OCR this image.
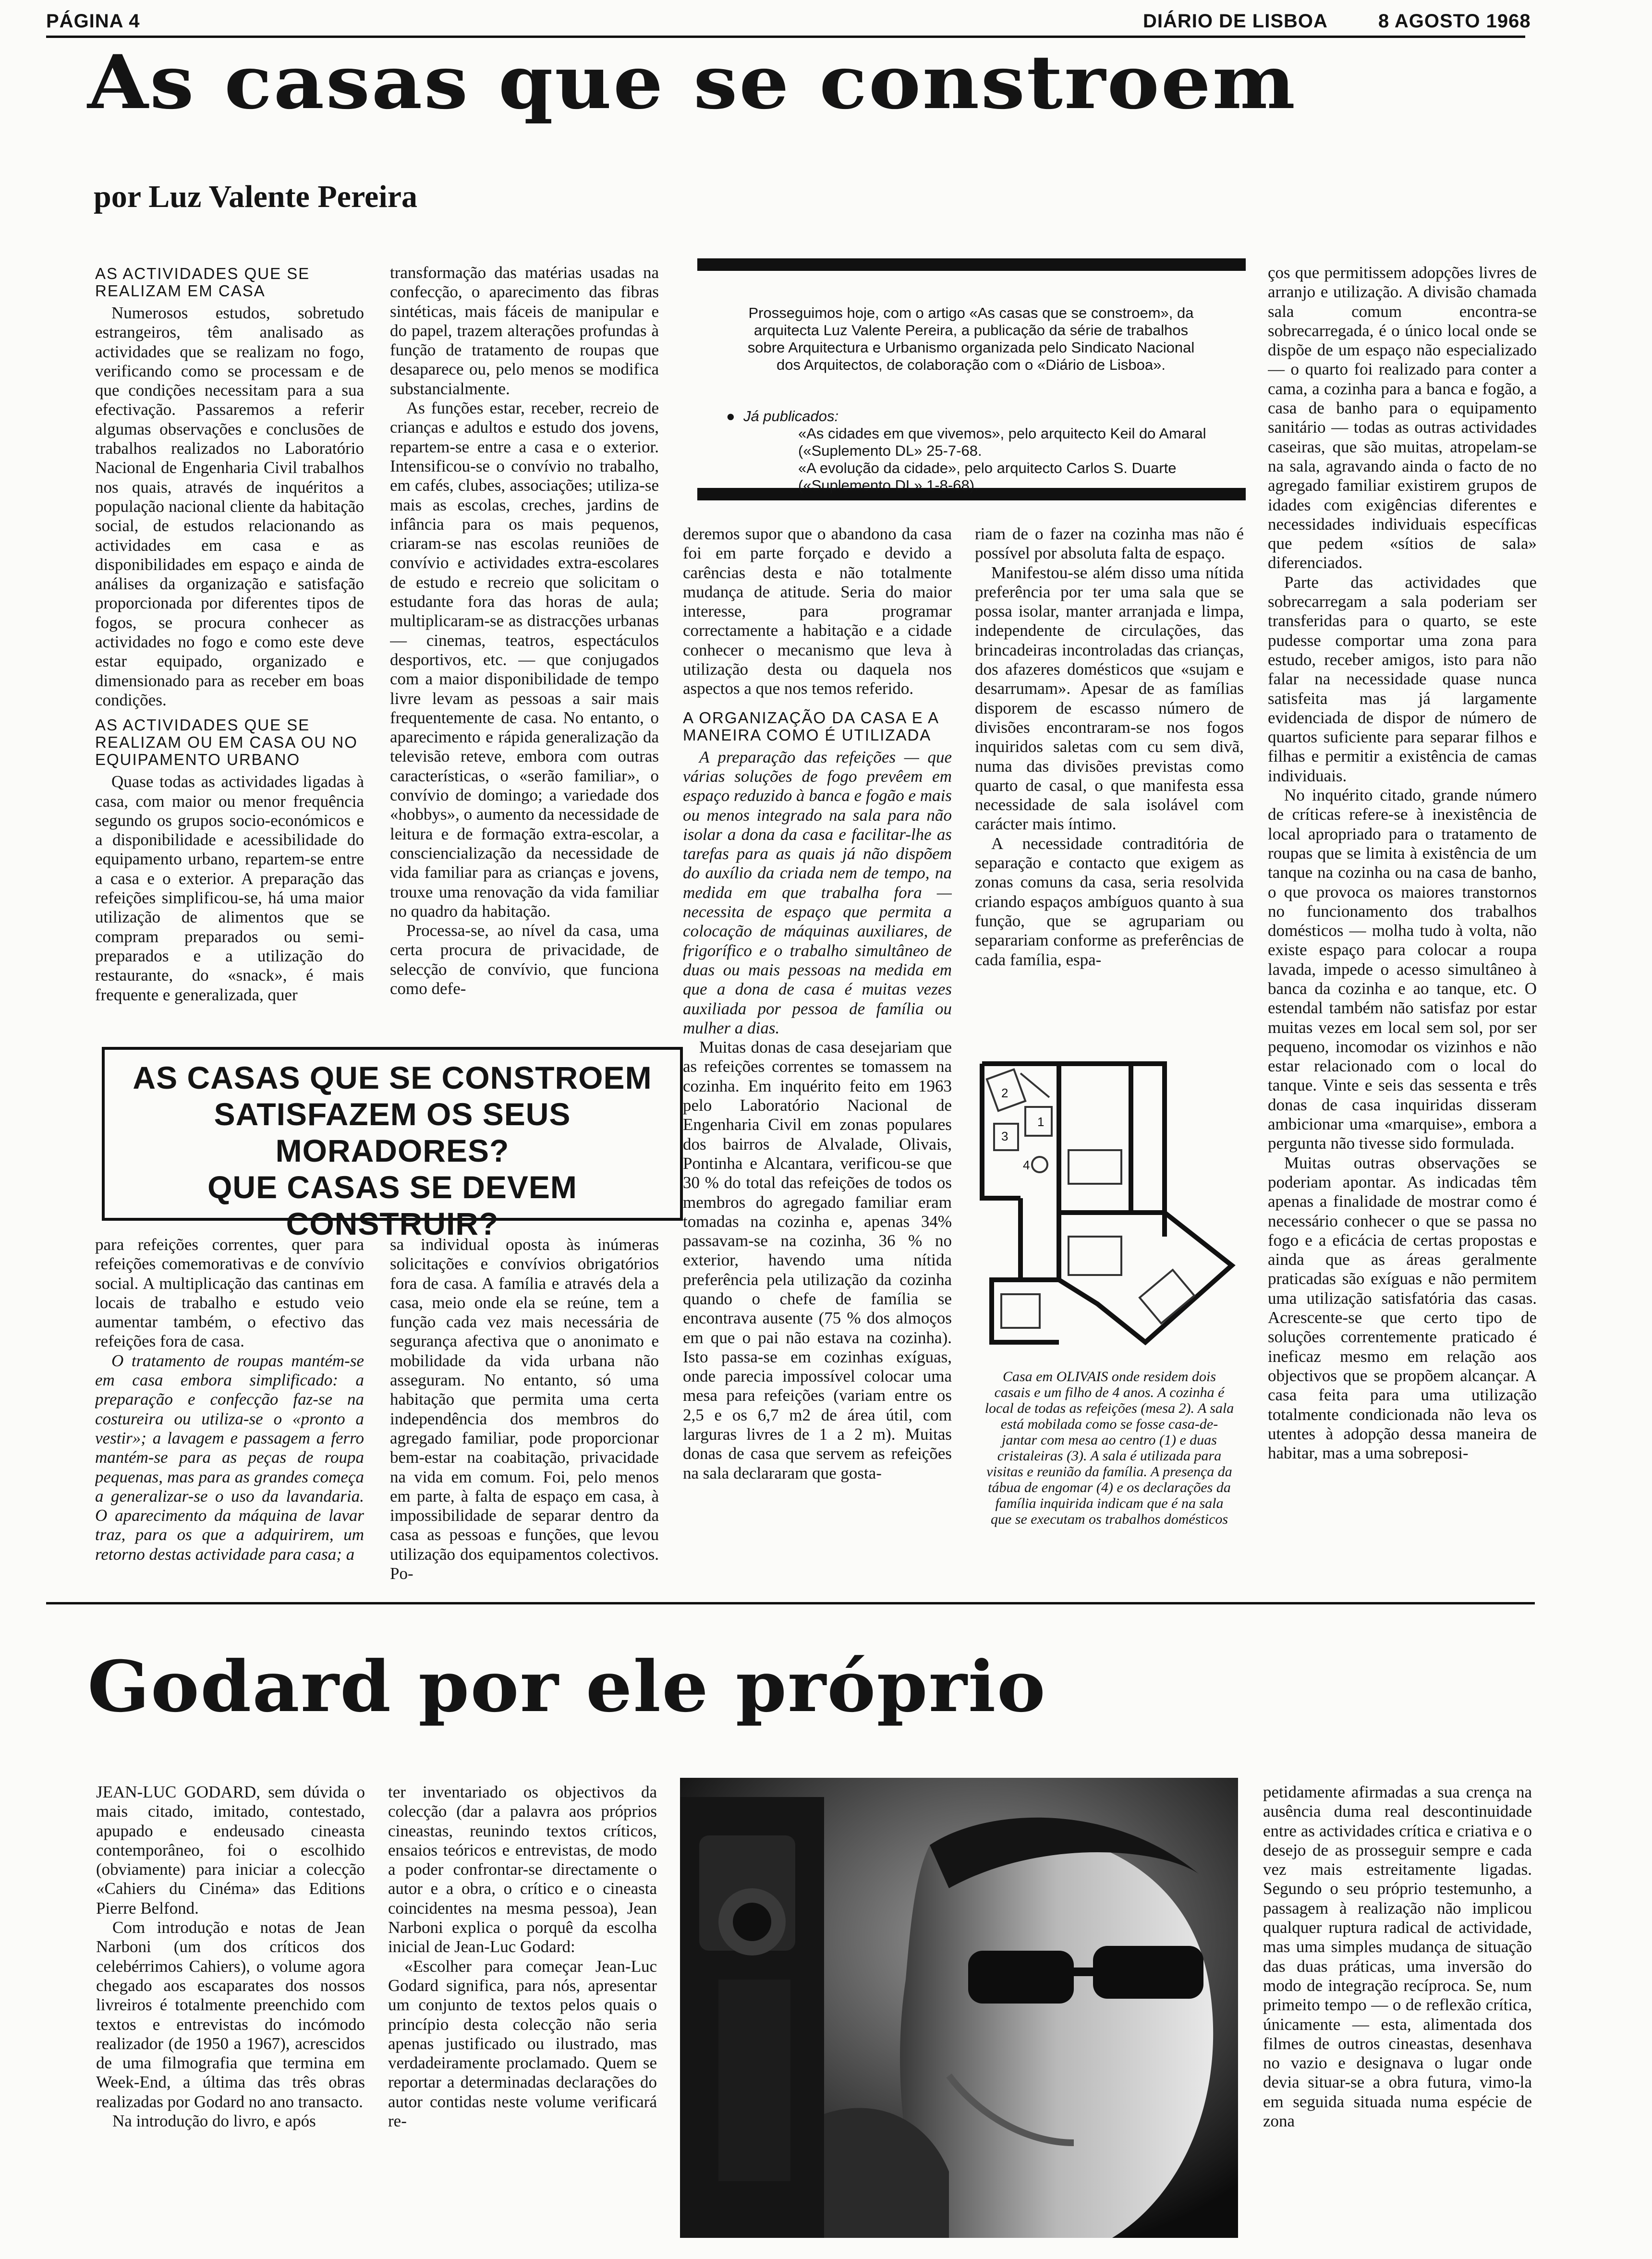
PÁGINA 4	DIÁRIO DE LISBOA	8 AGOSTO 1968
As casas que se constroem
por Luz Valente Pereira
AS ACTIVIDADES QUE SE REALIZAM EM CASA

Numerosos estudos, sobretudo estrangeiros, têm analisado as actividades que se realizam no fogo, verificando como se processam e de que condições necessitam para a sua efectivação. Passaremos a referir algumas observações e conclusões de trabalhos realizados no Laboratório Nacional de Engenharia Civil trabalhos nos quais, através de inquéritos a população nacional cliente da habitação social, de estudos relacionando as actividades em casa e as disponibilidades em espaço e ainda de análises da organização e satisfação proporcionada por diferentes tipos de fogos, se procura conhecer as actividades no fogo e como este deve estar equipado, organizado e dimensionado para as receber em boas condições.

AS ACTIVIDADES QUE SE REALIZAM OU EM CASA OU NO EQUIPAMENTO URBANO

Quase todas as actividades ligadas à casa, com maior ou menor frequência segundo os grupos socio-económicos e a disponibilidade e acessibilidade do equipamento urbano, repartem-se entre a casa e o exterior. A preparação das refeições simplificou-se, há uma maior utilização de alimentos que se compram preparados ou semi-preparados e a utilização do restaurante, do «snack», é mais frequente e generalizada, quer

transformação das matérias usadas na confecção, o aparecimento das fibras sintéticas, mais fáceis de manipular e do papel, trazem alterações profundas à função de tratamento de roupas que desaparece ou, pelo menos se modifica substancialmente.

As funções estar, receber, recreio de crianças e adultos e estudo dos jovens, repartem-se entre a casa e o exterior. Intensificou-se o convívio no trabalho, em cafés, clubes, associações; utiliza-se mais as escolas, creches, jardins de infância para os mais pequenos, criaram-se nas escolas reuniões de convívio e actividades extra-escolares de estudo e recreio que solicitam o estudante fora das horas de aula; multiplicaram-se as distracções urbanas — cinemas, teatros, espectáculos desportivos, etc. — que conjugados com a maior disponibilidade de tempo livre levam as pessoas a sair mais frequentemente de casa. No entanto, o aparecimento e rápida generalização da televisão reteve, embora com outras características, o «serão familiar», o convívio de domingo; a variedade dos «hobbys», o aumento da necessidade de leitura e de formação extra-escolar, a consciencialização da necessidade de vida familiar para as crianças e jovens, trouxe uma renovação da vida familiar no quadro da habitação.

Processa-se, ao nível da casa, uma certa procura de privacidade, de selecção de convívio, que funciona como defe-

Prosseguimos hoje, com o artigo «As casas que se constroem», da arquitecta Luz Valente Pereira, a publicação da série de trabalhos sobre Arquitectura e Urbanismo organizada pelo Sindicato Nacional dos Arquitectos, de colaboração com o «Diário de Lisboa».
●  Já publicados:
«As cidades em que vivemos», pelo arquitecto Keil do Amaral («Suplemento DL» 25-7-68.
«A evolução da cidade», pelo arquitecto Carlos S. Duarte («Suplemento DL» 1-8-68).

deremos supor que o abandono da casa foi em parte forçado e devido a carências desta e não totalmente mudança de atitude. Seria do maior interesse, para programar correctamente a habitação e a cidade conhecer o mecanismo que leva à utilização desta ou daquela nos aspectos a que nos temos referido.

A ORGANIZAÇÃO DA CASA E A MANEIRA COMO É UTILIZADA

A preparação das refeições — que várias soluções de fogo prevêem em espaço reduzido à banca e fogão e mais ou menos integrado na sala para não isolar a dona da casa e facilitar-lhe as tarefas para as quais já não dispõem do auxílio da criada nem de tempo, na medida em que trabalha fora — necessita de espaço que permita a colocação de máquinas auxiliares, de frigorífico e o trabalho simultâneo de duas ou mais pessoas na medida em que a dona de casa é muitas vezes auxiliada por pessoa de família ou mulher a dias.

Muitas donas de casa desejariam que as refeições correntes se tomassem na cozinha. Em inquérito feito em 1963 pelo Laboratório Nacional de Engenharia Civil em zonas populares dos bairros de Alvalade, Olivais, Pontinha e Alcantara, verificou-se que 30 % do total das refeições de todos os membros do agregado familiar eram tomadas na cozinha e, apenas 34% passavam-se na cozinha, 36 % no exterior, havendo uma nítida preferência pela utilização da cozinha quando o chefe de família se encontrava ausente (75 % dos almoços em que o pai não estava na cozinha). Isto passa-se em cozinhas exíguas, onde parecia impossível colocar uma mesa para refeições (variam entre os 2,5 e os 6,7 m2 de área útil, com larguras livres de 1 a 2 m). Muitas donas de casa que servem as refeições na sala declararam que gosta-

riam de o fazer na cozinha mas não é possível por absoluta falta de espaço.

Manifestou-se além disso uma nítida preferência por ter uma sala que se possa isolar, manter arranjada e limpa, independente de circulações, das brincadeiras incontroladas das crianças, dos afazeres domésticos que «sujam e desarrumam». Apesar de as famílias disporem de escasso número de divisões encontraram-se nos fogos inquiridos saletas com cu sem divã, numa das divisões previstas como quarto de casal, o que manifesta essa necessidade de sala isolável com carácter mais íntimo.

A necessidade contraditória de separação e contacto que exigem as zonas comuns da casa, seria resolvida criando espaços ambíguos quanto à sua função, que se agrupariam ou separariam conforme as preferências de cada família, espa-

1
2
3
4
Casa em OLIVAIS onde residem dois casais e um filho de 4 anos. A cozinha é local de todas as refeições (mesa 2). A sala está mobilada como se fosse casa-de-jantar com mesa ao centro (1) e duas cristaleiras (3). A sala é utilizada para visitas e reunião da família. A presença da tábua de engomar (4) e os declarações da família inquirida indicam que é na sala que se executam os trabalhos domésticos

ços que permitissem adopções livres de arranjo e utilização. A divisão chamada sala comum encontra-se sobrecarregada, é o único local onde se dispõe de um espaço não especializado — o quarto foi realizado para conter a cama, a cozinha para a banca e fogão, a casa de banho para o equipamento sanitário — todas as outras actividades caseiras, que são muitas, atropelam-se na sala, agravando ainda o facto de no agregado familiar existirem grupos de idades com exigências diferentes e necessidades individuais específicas que pedem «sítios de sala» diferenciados.

Parte das actividades que sobrecarregam a sala poderiam ser transferidas para o quarto, se este pudesse comportar uma zona para estudo, receber amigos, isto para não falar na necessidade quase nunca satisfeita mas já largamente evidenciada de dispor de número de quartos suficiente para separar filhos e filhas e permitir a existência de camas individuais.

No inquérito citado, grande número de críticas refere-se à inexistência de local apropriado para o tratamento de roupas que se limita à existência de um tanque na cozinha ou na casa de banho, o que provoca os maiores transtornos no funcionamento dos trabalhos domésticos — molha tudo à volta, não existe espaço para colocar a roupa lavada, impede o acesso simultâneo à banca da cozinha e ao tanque, etc. O estendal também não satisfaz por estar muitas vezes em local sem sol, por ser pequeno, incomodar os vizinhos e não estar relacionado com o local do tanque. Vinte e seis das sessenta e três donas de casa inquiridas disseram ambicionar uma «marquise», embora a pergunta não tivesse sido formulada.

Muitas outras observações se poderiam apontar. As indicadas têm apenas a finalidade de mostrar como é necessário conhecer o que se passa no fogo e a eficácia de certas propostas e ainda que as áreas geralmente praticadas são exíguas e não permitem uma utilização satisfatória das casas. Acrescente-se que certo tipo de soluções correntemente praticado é ineficaz mesmo em relação aos objectivos que se propõem alcançar. A casa feita para uma utilização totalmente condicionada não leva os utentes à adopção dessa maneira de habitar, mas a uma sobreposi-

AS CASAS QUE SE CONSTROEM
SATISFAZEM OS SEUS MORADORES?
QUE CASAS SE DEVEM CONSTRUIR?

para refeições correntes, quer para refeições comemorativas e de convívio social. A multiplicação das cantinas em locais de trabalho e estudo veio aumentar também, o efectivo das refeições fora de casa.

O tratamento de roupas mantém-se em casa embora simplificado: a preparação e confecção faz-se na costureira ou utiliza-se o «pronto a vestir»; a lavagem e passagem a ferro mantém-se para as peças de roupa pequenas, mas para as grandes começa a generalizar-se o uso da lavandaria. O aparecimento da máquina de lavar traz, para os que a adquirirem, um retorno destas actividade para casa; a

sa individual oposta às inúmeras solicitações e convívios obrigatórios fora de casa. A família e através dela a casa, meio onde ela se reúne, tem a função cada vez mais necessária de segurança afectiva que o anonimato e mobilidade da vida urbana não asseguram. No entanto, só uma habitação que permita uma certa independência dos membros do agregado familiar, pode proporcionar bem-estar na coabitação, privacidade na vida em comum. Foi, pelo menos em parte, à falta de espaço em casa, à impossibilidade de separar dentro da casa as pessoas e funções, que levou utilização dos equipamentos colectivos. Po-

Godard por ele próprio

JEAN-LUC GODARD, sem dúvida o mais citado, imitado, contestado, apupado e endeusado cineasta contemporâneo, foi o escolhido (obviamente) para iniciar a colecção «Cahiers du Cinéma» das Editions Pierre Belfond.

Com introdução e notas de Jean Narboni (um dos críticos dos celebérrimos Cahiers), o volume agora chegado aos escaparates dos nossos livreiros é totalmente preenchido com textos e entrevistas do incómodo realizador (de 1950 a 1967), acrescidos de uma filmografia que termina em Week-End, a última das três obras realizadas por Godard no ano transacto.

Na introdução do livro, e após

ter inventariado os objectivos da colecção (dar a palavra aos próprios cineastas, reunindo textos críticos, ensaios teóricos e entrevistas, de modo a poder confrontar-se directamente o autor e a obra, o crítico e o cineasta coincidentes na mesma pessoa), Jean Narboni explica o porquê da escolha inicial de Jean-Luc Godard:

«Escolher para começar Jean-Luc Godard significa, para nós, apresentar um conjunto de textos pelos quais o princípio desta colecção não seria apenas justificado ou ilustrado, mas verdadeiramente proclamado. Quem se reportar a determinadas declarações do autor contidas neste volume verificará re-

petidamente afirmadas a sua crença na ausência duma real descontinuidade entre as actividades crítica e criativa e o desejo de as prosseguir sempre e cada vez mais estreitamente ligadas. Segundo o seu próprio testemunho, a passagem à realização não implicou qualquer ruptura radical de actividade, mas uma simples mudança de situação das duas práticas, uma inversão do modo de integração recíproca. Se, num primeito tempo — o de reflexão crítica, únicamente — esta, alimentada dos filmes de outros cineastas, desenhava no vazio e designava o lugar onde devia situar-se a obra futura, vimo-la em seguida situada numa espécie de zona
